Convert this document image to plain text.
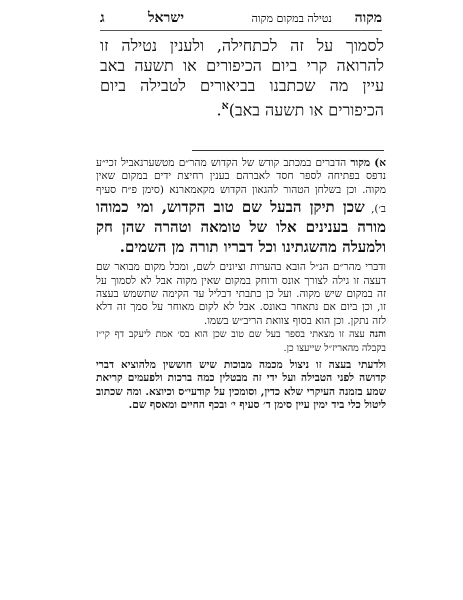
מקוה
נטילה במקום מקוה
ישראל
ג

לסמוך על זה לכתחילה, ולענין נטילה זו להרואה קרי ביום הכיפורים או תשעה באב עיין מה שכתבנו בביאורים לטבילה ביום הכיפורים או תשעה באב)$^א$.

א) מקור הדברים במכתב קודש של הקדוש מהר״ם מטשערנאביל זכי״ע נדפס בפתיחה לספר חסד לאברהם בענין רחיצת ידים במקום שאין מקוה. וכן בשלחן הטהור להגאון הקדוש מקאמארנא (סימן פ״ח סעיף ב׳), שכן תיקן הבעל שם טוב הקדוש, ומי כמוהו מורה בענינים אלו של טומאה וטהרה שהן חק ולמעלה מהשגתינו וכל דבריו תורה מן השמים.

ודברי מהר״ם הנ״ל הובא בהערות וציונים לשם, ומכל מקום מבואר שם דעצה זו גילה לצורך אונס ודוחק במקום שאין מקוה אבל לא לסמוך על זה במקום שיש מקוה. ועל כן כתבתי דבליל עד הקימה שתשמש בעצה זו, וכן ביום אם נתאחר באונס. אבל לא לקום מאוחר על סמך זה דלא לזה נתקן. וכן הוא בסוף צוואת הריב״ש בשמו.

והנה עצה זו מצאתי בספר בעל שם טוב שכן הוא בס׳ אמת ליעקב דף קי״ז בקבלה מהאריז״ל שייעצו כן.

ולדעתי בעצה זו ניצול מכמה מבוכות שיש חוששין מלהוציא דברי קדושה לפני הטבילה ועל ידי זה מבטלין כמה ברכות ולפעמים קריאת שמע בזמנה העיקרי שלא כדין, וסומכין על קודעי״ס וכיוצא. ומה שכתוב ליטול כלי ביד ימין עיין סימן ד׳ סעיף י׳ ובכף החיים ומאסף שם.
